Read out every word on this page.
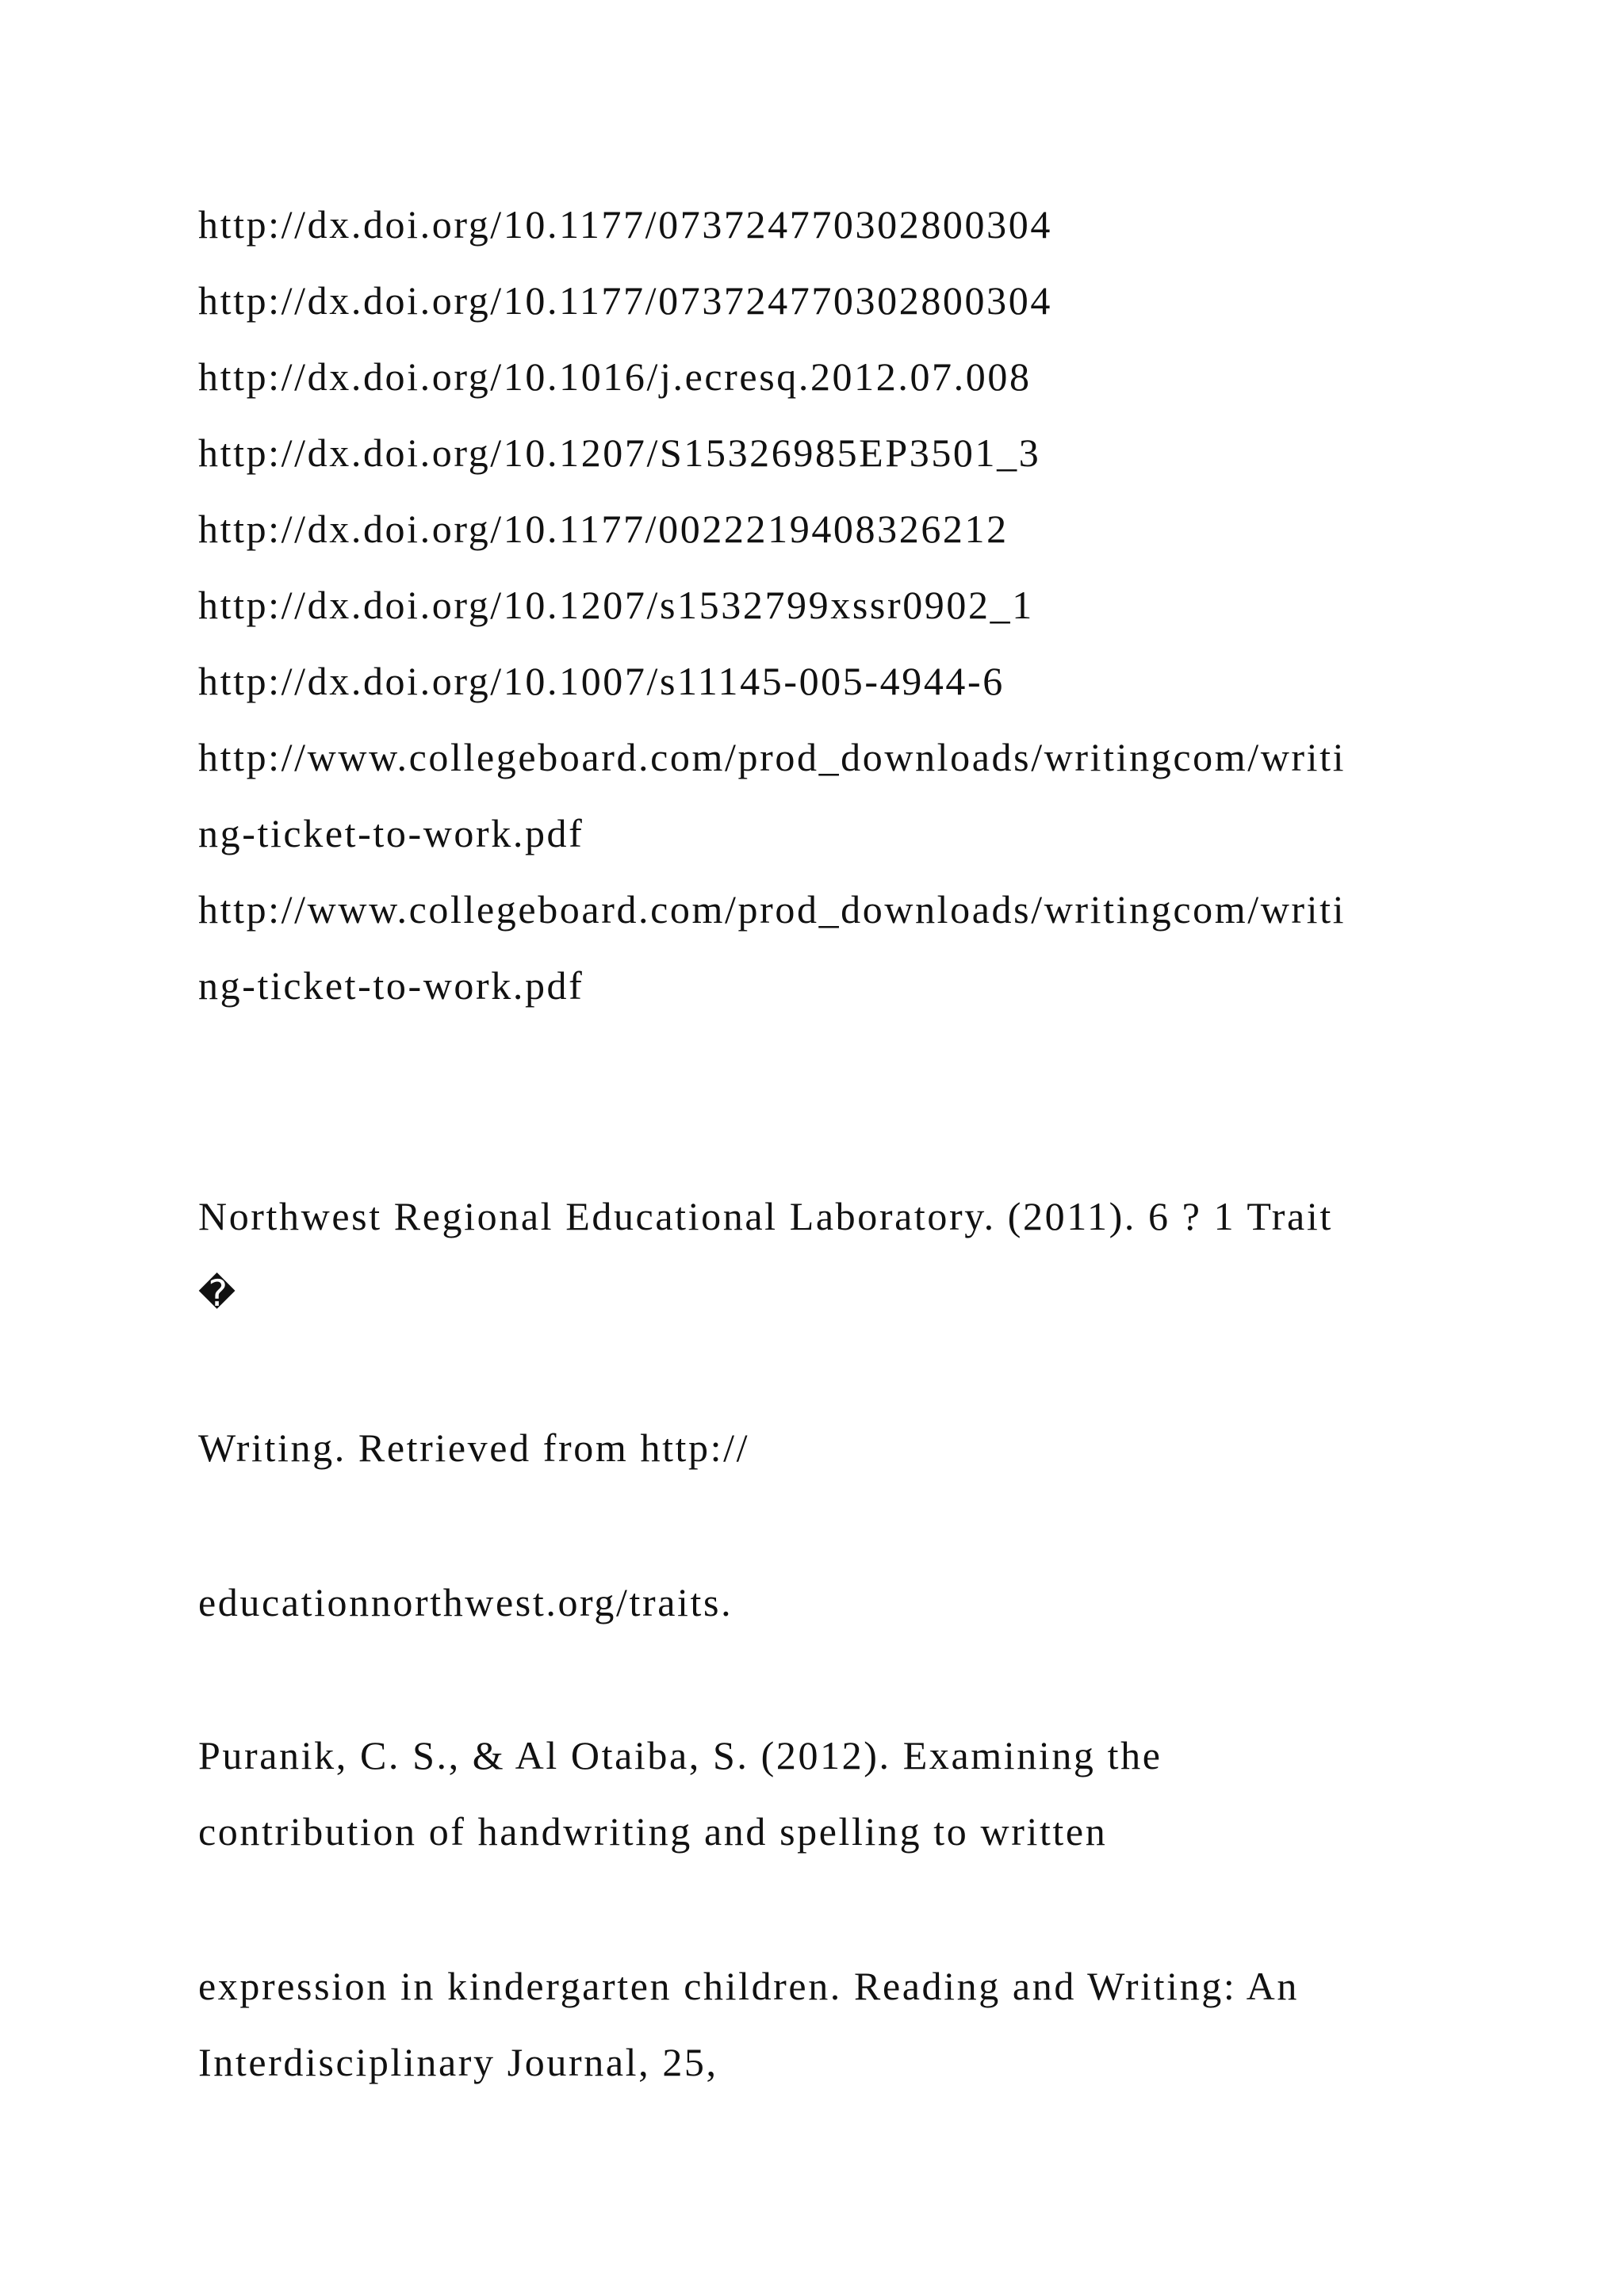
http://dx.doi.org/10.1177/073724770302800304

http://dx.doi.org/10.1177/073724770302800304

http://dx.doi.org/10.1016/j.ecresq.2012.07.008

http://dx.doi.org/10.1207/S15326985EP3501_3

http://dx.doi.org/10.1177/0022219408326212

http://dx.doi.org/10.1207/s1532799xssr0902_1

http://dx.doi.org/10.1007/s11145-005-4944-6

http://www.collegeboard.com/prod_downloads/writingcom/writi

ng-ticket-to-work.pdf

http://www.collegeboard.com/prod_downloads/writingcom/writi

ng-ticket-to-work.pdf

Northwest Regional Educational Laboratory. (2011). 6 ? 1 Trait

�

Writing. Retrieved from http://

educationnorthwest.org/traits.

Puranik, C. S., & Al Otaiba, S. (2012). Examining the

contribution of handwriting and spelling to written

expression in kindergarten children. Reading and Writing: An

Interdisciplinary Journal, 25,
